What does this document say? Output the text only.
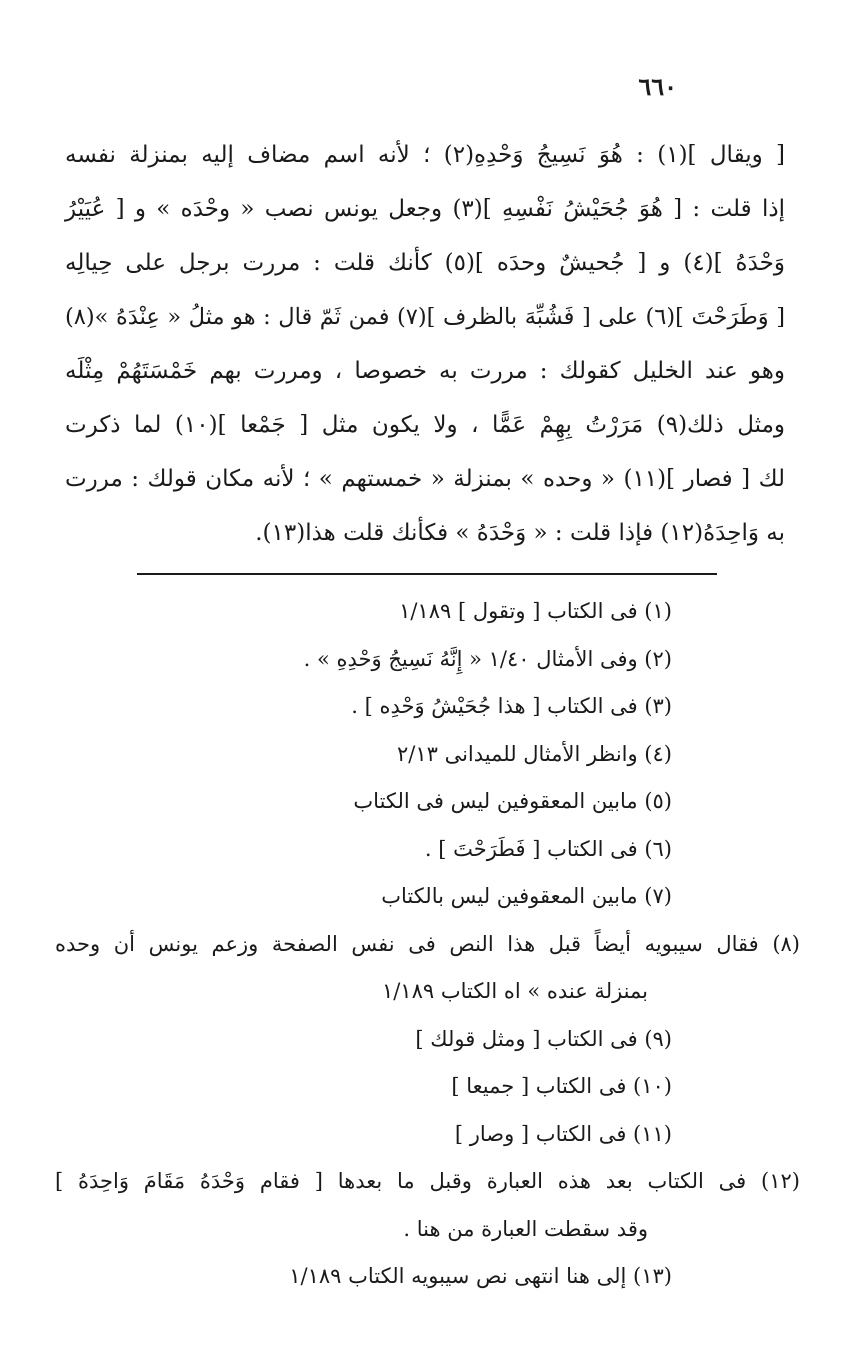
٦٦٠
[ ويقال ](١) : هُوَ نَسِيجُ وَحْدِهِ(٢) ؛ لأنه اسم مضاف إليه بمنزلة نفسه
إذا قلت : [ هُوَ جُحَيْشُ نَفْسِهِ ](٣) وجعل يونس نصب « وحْدَه » و [ عُيَيْرُ
وَحْدَهُ ](٤) و [ جُحيشٌ وحدَه ](٥) كأنك قلت : مررت برجل على حِيالِه
[ وَطَرَحْتَ ](٦) على [ فَشُبِّهَ بالظرف ](٧) فمن ثَمّ قال : هو مثلُ « عِنْدَهُ »(٨)
وهو عند الخليل كقولك : مررت به خصوصا ، ومررت بهم خَمْسَتَهُمْ مِثْلَه
ومثل ذلك(٩) مَرَرْتُ بِهِمْ عَمًّا ، ولا يكون مثل [ جَمْعا ](١٠) لما ذكرت
لك [ فصار ](١١) « وحده » بمنزلة « خمستهم » ؛ لأنه مكان قولك : مررت
به وَاحِدَهُ(١٢) فإذا قلت : « وَحْدَهُ » فكأنك قلت هذا(١٣).
(١) فى الكتاب [ وتقول ] ١/١٨٩
(٢) وفى الأمثال ١/٤٠ « إِنَّهُ نَسِيجُ وَحْدِهِ » .
(٣) فى الكتاب [ هذا جُحَيْشُ وَحْدِه ] .
(٤) وانظر الأمثال للميدانى ٢/١٣
(٥) مابين المعقوفين ليس فى الكتاب
(٦) فى الكتاب [ فَطَرَحْتَ ] .
(٧) مابين المعقوفين ليس بالكتاب
(٨) فقال سيبويه أيضاً قبل هذا النص فى نفس الصفحة وزعم يونس أن وحده
بمنزلة عنده » اه الكتاب ١/١٨٩
(٩) فى الكتاب [ ومثل قولك ]
(١٠) فى الكتاب [ جميعا ]
(١١) فى الكتاب [ وصار ]
(١٢) فى الكتاب بعد هذه العبارة وقبل ما بعدها [ فقام وَحْدَهُ مَقَامَ وَاحِدَهُ ]
وقد سقطت العبارة من هنا .
(١٣) إلى هنا انتهى نص سيبويه الكتاب ١/١٨٩
